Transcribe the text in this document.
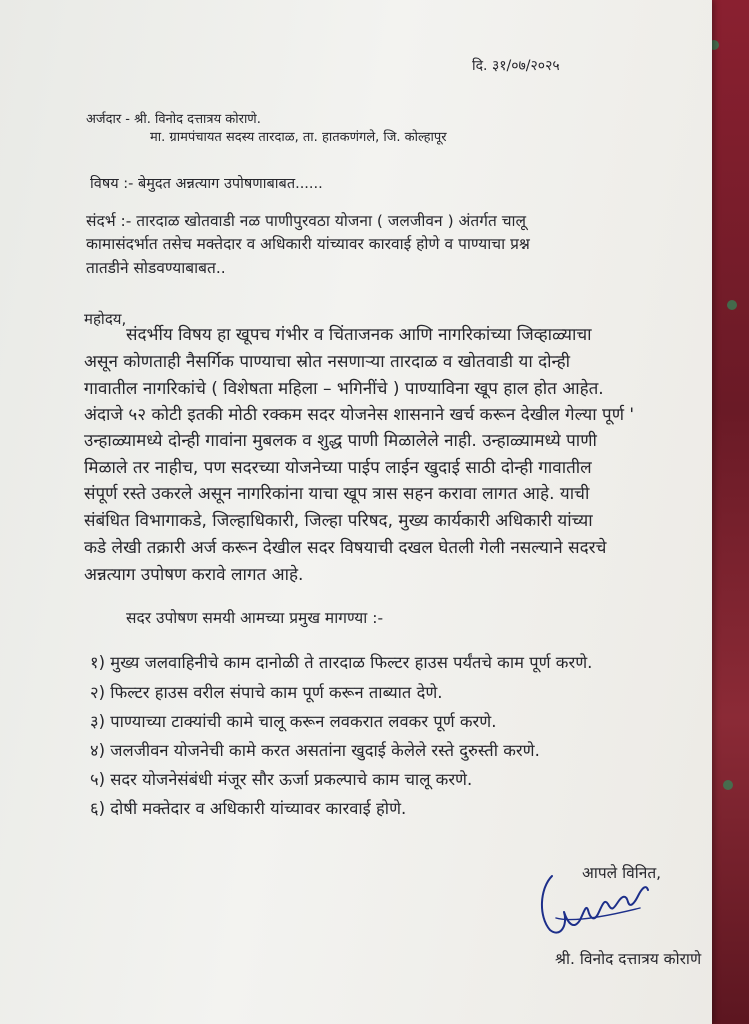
दि. ३१/०७/२०२५
अर्जदार - श्री. विनोद दत्तात्रय कोराणे.
मा. ग्रामपंचायत सदस्य तारदाळ, ता. हातकणंगले, जि. कोल्हापूर
विषय :- बेमुदत अन्नत्याग उपोषणाबाबत......
संदर्भ :- तारदाळ खोतवाडी नळ पाणीपुरवठा योजना ( जलजीवन ) अंतर्गत चालू
कामासंदर्भात तसेच मक्तेदार व अधिकारी यांच्यावर कारवाई होणे व पाण्याचा प्रश्न
तातडीने सोडवण्याबाबत..
महोदय,
संदर्भीय विषय हा खूपच गंभीर व चिंताजनक आणि नागरिकांच्या जिव्हाळ्याचा
असून कोणताही नैसर्गिक पाण्याचा स्रोत नसणाऱ्या तारदाळ व खोतवाडी या दोन्ही
गावातील नागरिकांचे ( विशेषता महिला – भगिनींचे ) पाण्याविना खूप हाल होत आहेत.
अंदाजे ५२ कोटी इतकी मोठी रक्कम सदर योजनेस शासनाने खर्च करून देखील गेल्या पूर्ण '
उन्हाळ्यामध्ये दोन्ही गावांना मुबलक व शुद्ध पाणी मिळालेले नाही. उन्हाळ्यामध्ये पाणी
मिळाले तर नाहीच, पण सदरच्या योजनेच्या पाईप लाईन खुदाई साठी दोन्ही गावातील
संपूर्ण रस्ते उकरले असून नागरिकांना याचा खूप त्रास सहन करावा लागत आहे. याची
संबंधित विभागाकडे, जिल्हाधिकारी, जिल्हा परिषद, मुख्य कार्यकारी अधिकारी यांच्या
कडे लेखी तक्रारी अर्ज करून देखील सदर विषयाची दखल घेतली गेली नसल्याने सदरचे
अन्नत्याग उपोषण करावे लागत आहे.
सदर उपोषण समयी आमच्या प्रमुख मागण्या :-
१) मुख्य जलवाहिनीचे काम दानोळी ते तारदाळ फिल्टर हाउस पर्यंतचे काम पूर्ण करणे.
२) फिल्टर हाउस वरील संपाचे काम पूर्ण करून ताब्यात देणे.
३) पाण्याच्या टाक्यांची कामे चालू करून लवकरात लवकर पूर्ण करणे.
४) जलजीवन योजनेची कामे करत असतांना खुदाई केलेले रस्ते दुरुस्ती करणे.
५) सदर योजनेसंबंधी मंजूर सौर ऊर्जा प्रकल्पाचे काम चालू करणे.
६) दोषी मक्तेदार व अधिकारी यांच्यावर कारवाई होणे.
आपले विनित,
श्री. विनोद दत्तात्रय कोराणे
